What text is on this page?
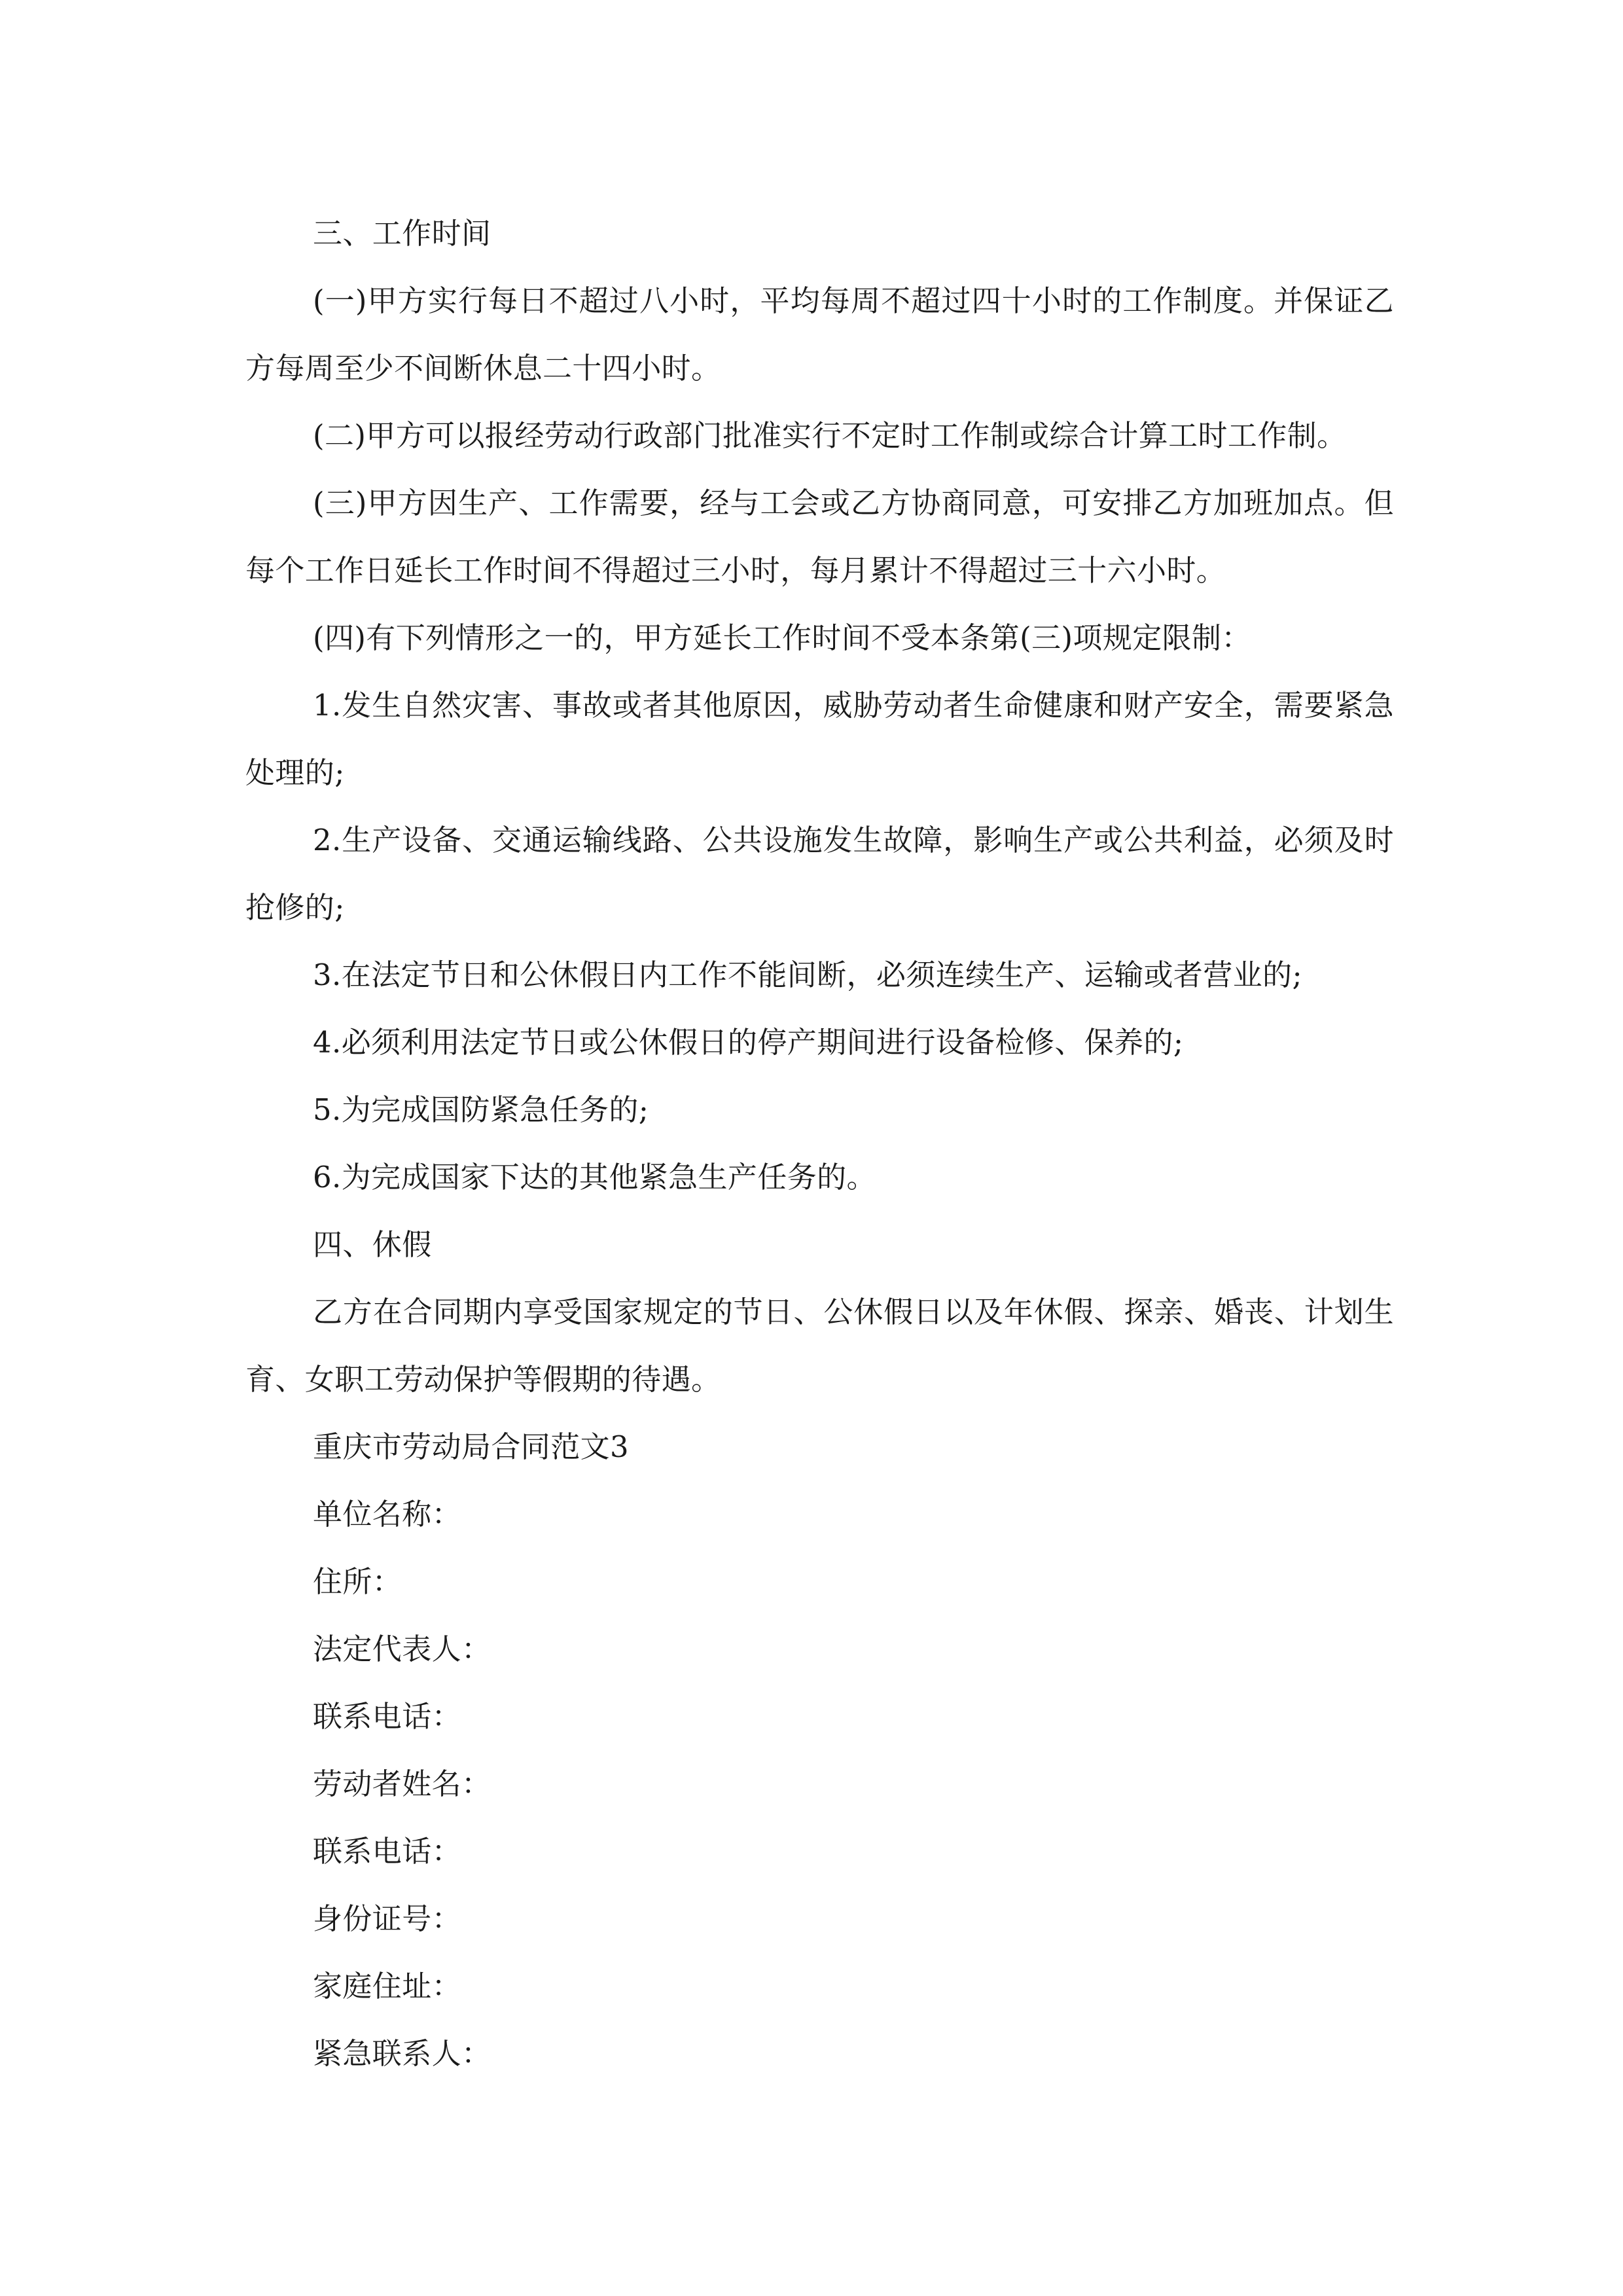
三、工作时间

(一)甲方实行每日不超过八小时，平均每周不超过四十小时的工作制度。并保证乙方每周至少不间断休息二十四小时。

(二)甲方可以报经劳动行政部门批准实行不定时工作制或综合计算工时工作制。

(三)甲方因生产、工作需要，经与工会或乙方协商同意，可安排乙方加班加点。但每个工作日延长工作时间不得超过三小时，每月累计不得超过三十六小时。

(四)有下列情形之一的，甲方延长工作时间不受本条第(三)项规定限制：

1.发生自然灾害、事故或者其他原因，威胁劳动者生命健康和财产安全，需要紧急处理的;

2.生产设备、交通运输线路、公共设施发生故障，影响生产或公共利益，必须及时抢修的;

3.在法定节日和公休假日内工作不能间断，必须连续生产、运输或者营业的;

4.必须利用法定节日或公休假日的停产期间进行设备检修、保养的;

5.为完成国防紧急任务的;

6.为完成国家下达的其他紧急生产任务的。

四、休假

乙方在合同期内享受国家规定的节日、公休假日以及年休假、探亲、婚丧、计划生育、女职工劳动保护等假期的待遇。

重庆市劳动局合同范文3

单位名称：

住所：

法定代表人：

联系电话：

劳动者姓名：

联系电话：

身份证号：

家庭住址：

紧急联系人：
